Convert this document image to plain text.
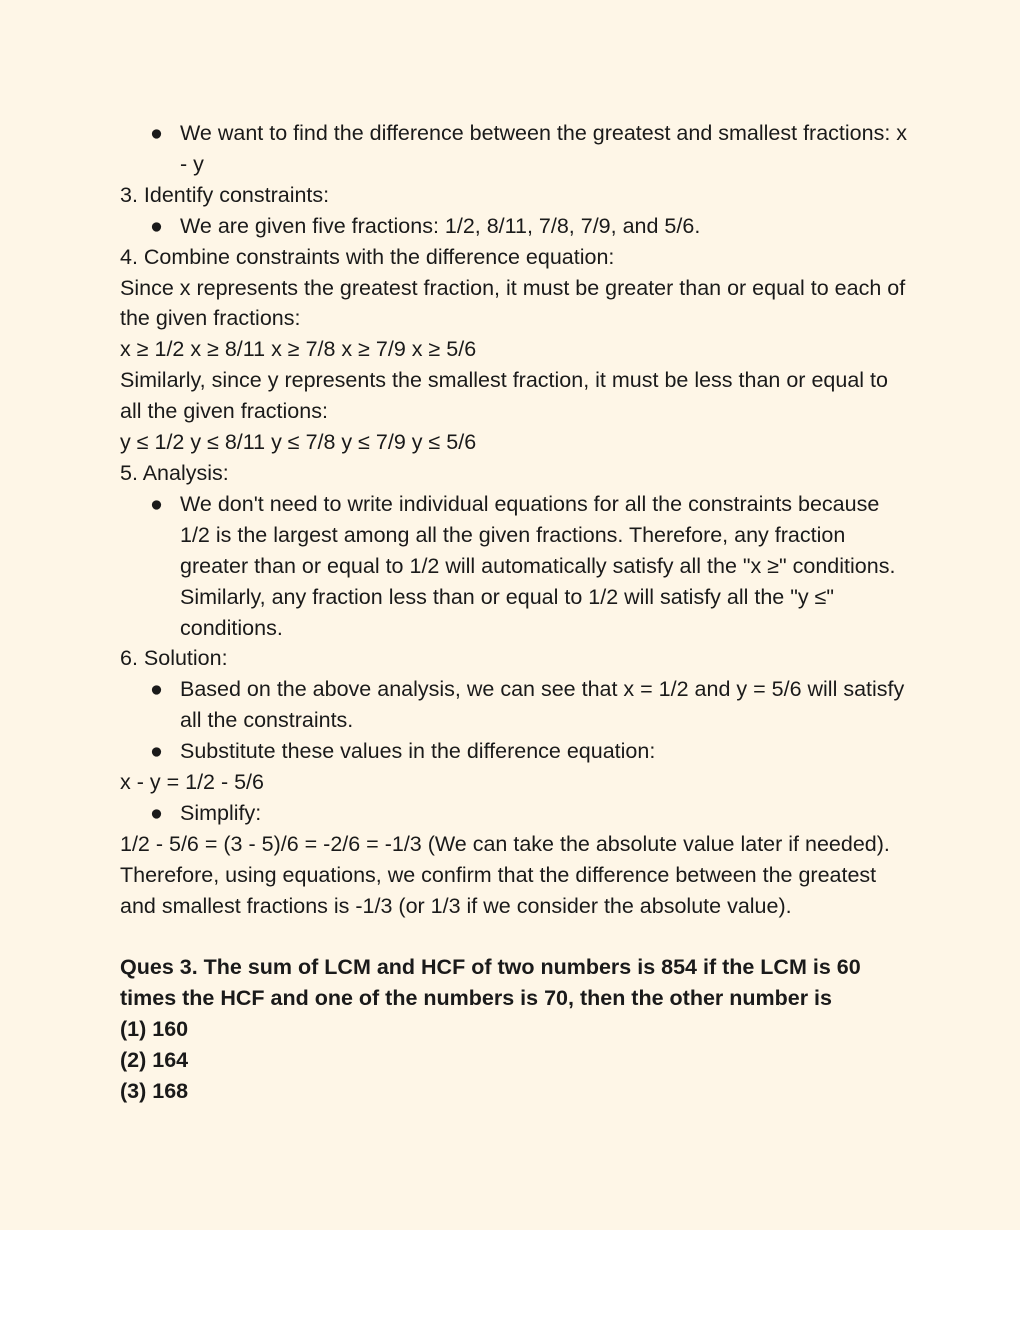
● We want to find the difference between the greatest and smallest fractions: x - y
3. Identify constraints:
● We are given five fractions: 1/2, 8/11, 7/8, 7/9, and 5/6.
4. Combine constraints with the difference equation:
Since x represents the greatest fraction, it must be greater than or equal to each of the given fractions:
x ≥ 1/2 x ≥ 8/11 x ≥ 7/8 x ≥ 7/9 x ≥ 5/6
Similarly, since y represents the smallest fraction, it must be less than or equal to all the given fractions:
y ≤ 1/2 y ≤ 8/11 y ≤ 7/8 y ≤ 7/9 y ≤ 5/6
5. Analysis:
● We don't need to write individual equations for all the constraints because 1/2 is the largest among all the given fractions. Therefore, any fraction greater than or equal to 1/2 will automatically satisfy all the "x ≥" conditions. Similarly, any fraction less than or equal to 1/2 will satisfy all the "y ≤" conditions.
6. Solution:
● Based on the above analysis, we can see that x = 1/2 and y = 5/6 will satisfy all the constraints.
● Substitute these values in the difference equation:
x - y = 1/2 - 5/6
● Simplify:
1/2 - 5/6 = (3 - 5)/6 = -2/6 = -1/3 (We can take the absolute value later if needed).
Therefore, using equations, we confirm that the difference between the greatest and smallest fractions is -1/3 (or 1/3 if we consider the absolute value).
Ques 3. The sum of LCM and HCF of two numbers is 854 if the LCM is 60 times the HCF and one of the numbers is 70, then the other number is
(1) 160
(2) 164
(3) 168
